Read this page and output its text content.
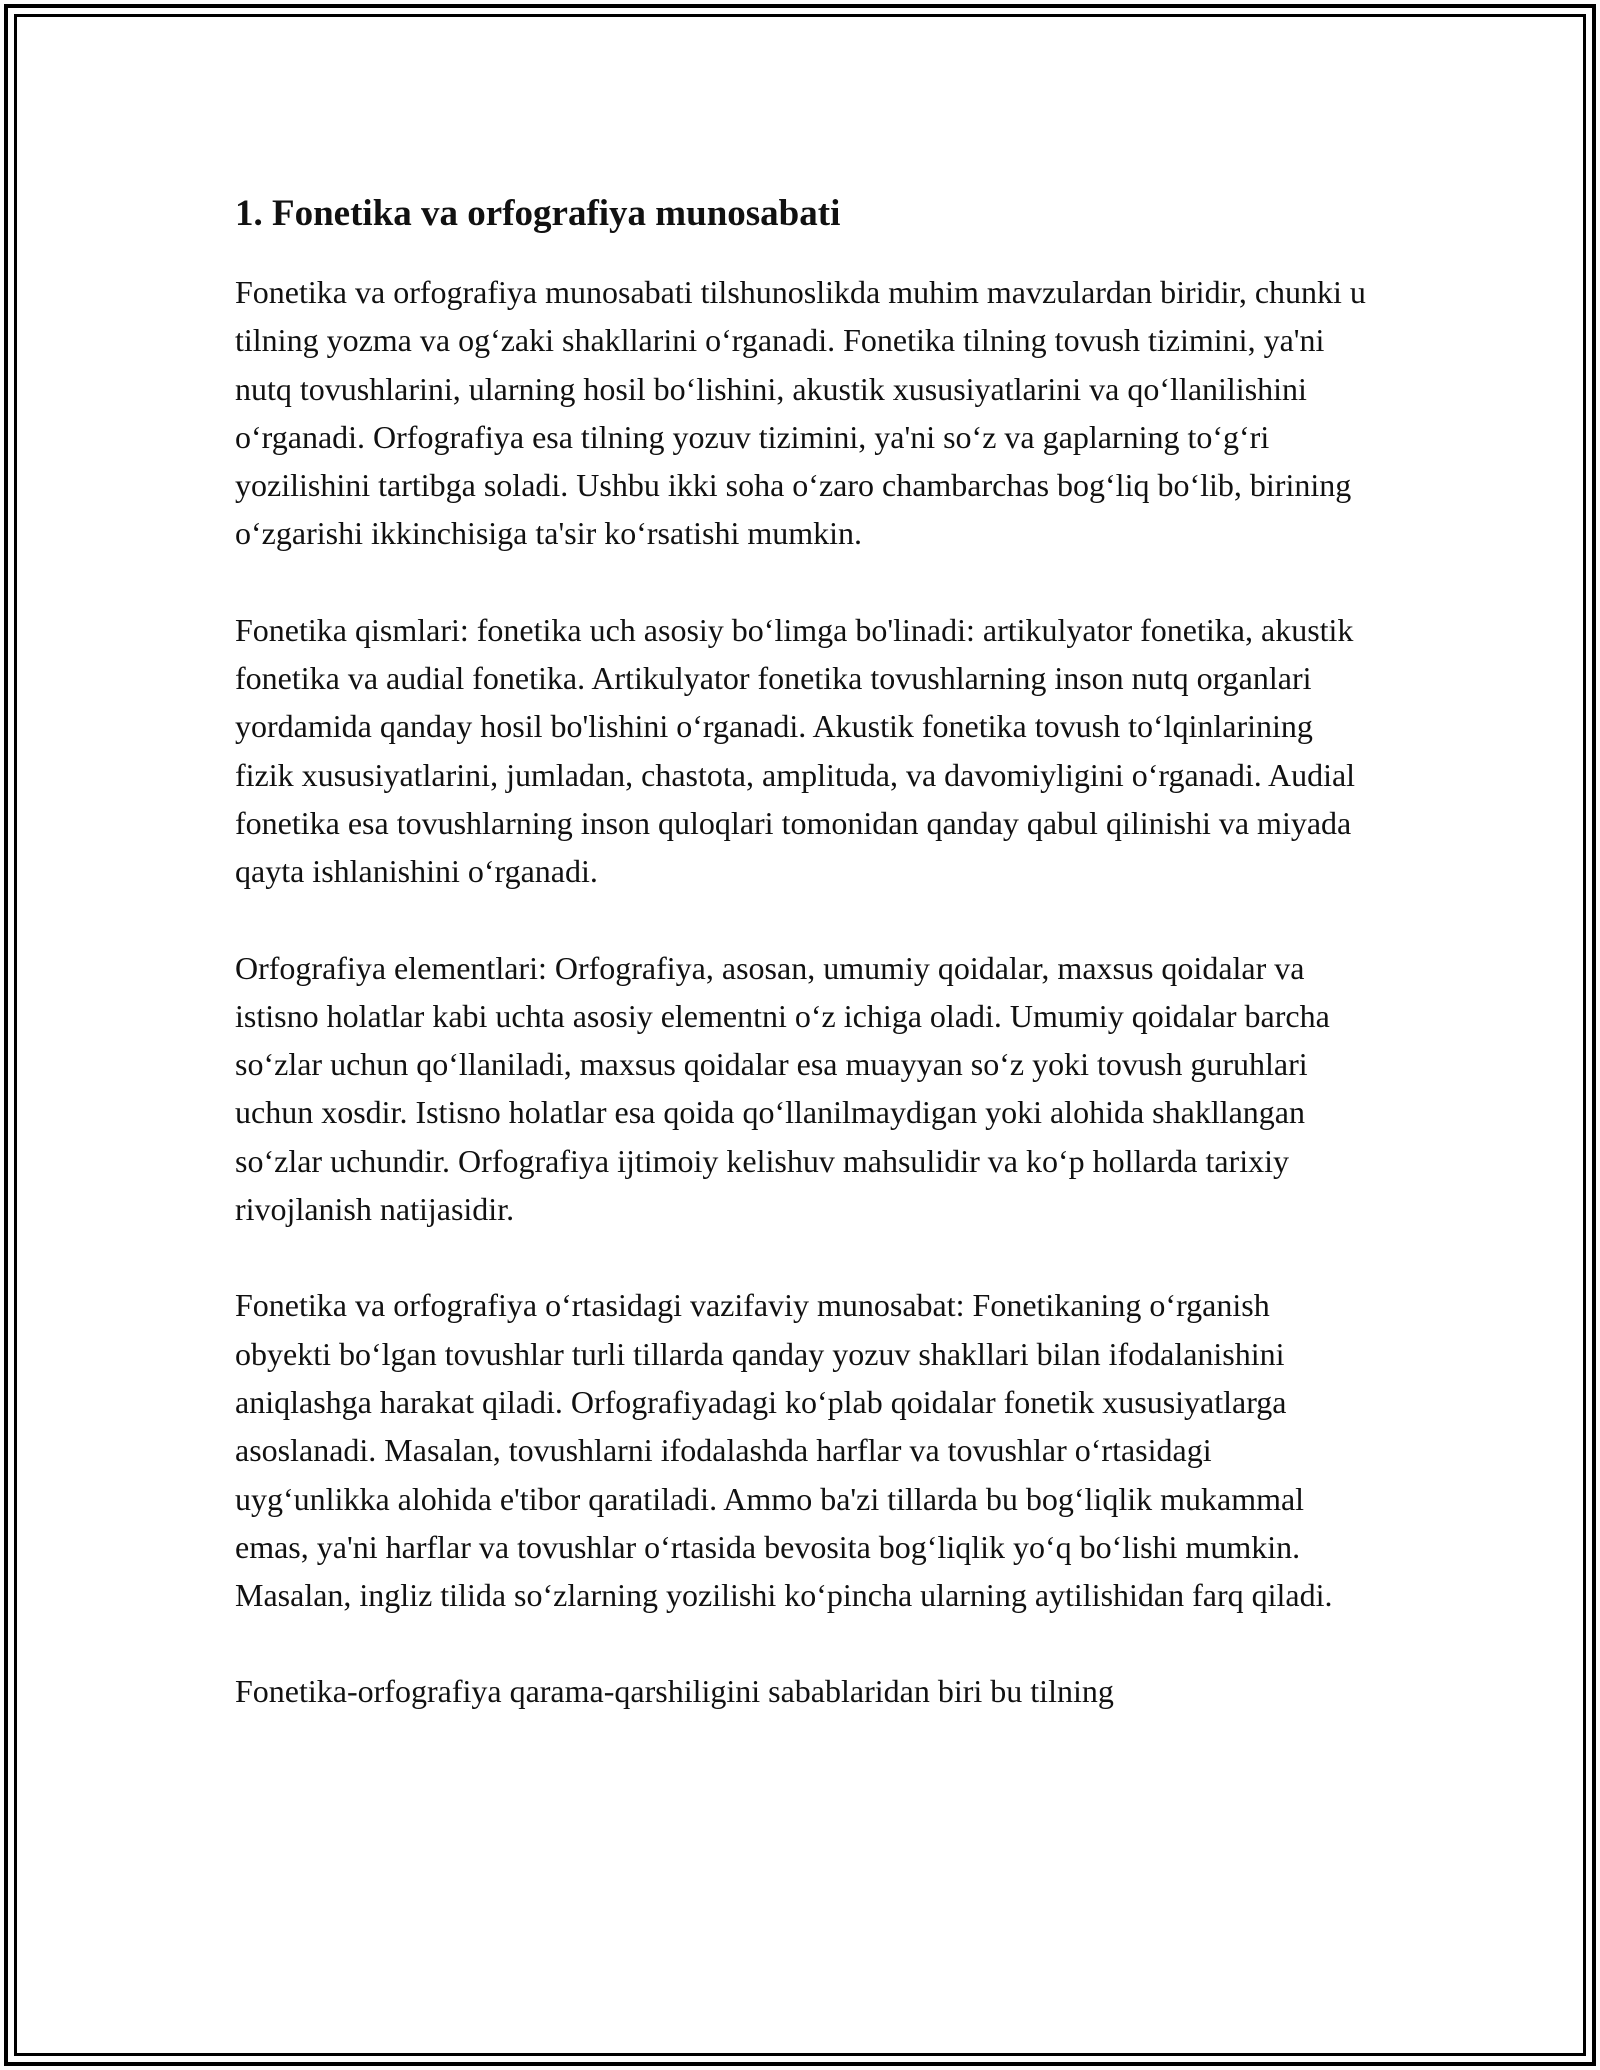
1. Fonetika va orfografiya munosabati

Fonetika va orfografiya munosabati tilshunoslikda muhim mavzulardan biridir, chunki u tilning yozma va og‘zaki shakllarini o‘rganadi. Fonetika tilning tovush tizimini, ya'ni nutq tovushlarini, ularning hosil bo‘lishini, akustik xususiyatlarini va qo‘llanilishini o‘rganadi. Orfografiya esa tilning yozuv tizimini, ya'ni so‘z va gaplarning to‘g‘ri yozilishini tartibga soladi. Ushbu ikki soha o‘zaro chambarchas bog‘liq bo‘lib, birining o‘zgarishi ikkinchisiga ta'sir ko‘rsatishi mumkin.

Fonetika qismlari: fonetika uch asosiy bo‘limga bo'linadi: artikulyator fonetika, akustik fonetika va audial fonetika. Artikulyator fonetika tovushlarning inson nutq organlari yordamida qanday hosil bo'lishini o‘rganadi. Akustik fonetika tovush to‘lqinlarining fizik xususiyatlarini, jumladan, chastota, amplituda, va davomiyligini o‘rganadi. Audial fonetika esa tovushlarning inson quloqlari tomonidan qanday qabul qilinishi va miyada qayta ishlanishini o‘rganadi.

Orfografiya elementlari: Orfografiya, asosan, umumiy qoidalar, maxsus qoidalar va istisno holatlar kabi uchta asosiy elementni o‘z ichiga oladi. Umumiy qoidalar barcha so‘zlar uchun qo‘llaniladi, maxsus qoidalar esa muayyan so‘z yoki tovush guruhlari uchun xosdir. Istisno holatlar esa qoida qo‘llanilmaydigan yoki alohida shakllangan so‘zlar uchundir. Orfografiya ijtimoiy kelishuv mahsulidir va ko‘p hollarda tarixiy rivojlanish natijasidir.

Fonetika va orfografiya o‘rtasidagi vazifaviy munosabat: Fonetikaning o‘rganish obyekti bo‘lgan tovushlar turli tillarda qanday yozuv shakllari bilan ifodalanishini aniqlashga harakat qiladi. Orfografiyadagi ko‘plab qoidalar fonetik xususiyatlarga asoslanadi. Masalan, tovushlarni ifodalashda harflar va tovushlar o‘rtasidagi uyg‘unlikka alohida e'tibor qaratiladi. Ammo ba'zi tillarda bu bog‘liqlik mukammal emas, ya'ni harflar va tovushlar o‘rtasida bevosita bog‘liqlik yo‘q bo‘lishi mumkin. Masalan, ingliz tilida so‘zlarning yozilishi ko‘pincha ularning aytilishidan farq qiladi.

Fonetika-orfografiya qarama-qarshiligini sabablaridan biri bu tilning
